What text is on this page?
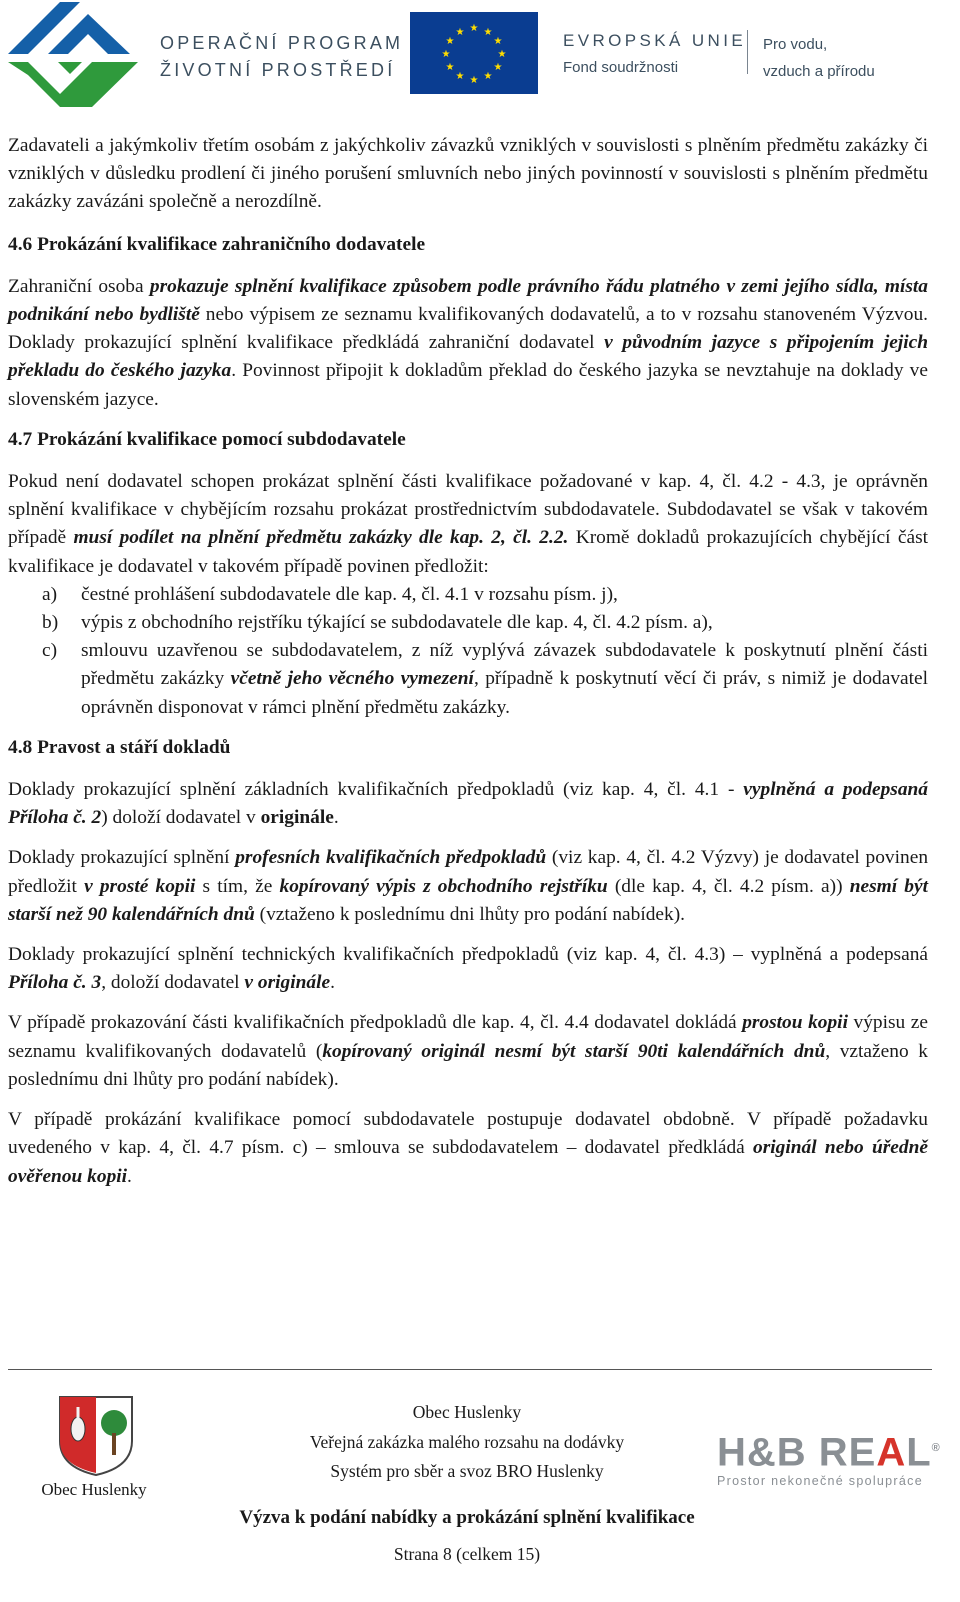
OPERAČNÍ PROGRAM
ŽIVOTNÍ PROSTŘEDÍ
★ ★
★
★
★
★
★
★
★
★
★
★	EVROPSKÁ UNIE
Fond soudržnosti
Pro vodu,
vzduch a přírodu

Zadavateli a jakýmkoliv třetím osobám z jakýchkoliv závazků vzniklých v souvislosti s plněním předmětu zakázky či vzniklých v důsledku prodlení či jiného porušení smluvních nebo jiných povinností v souvislosti s plněním předmětu zakázky zavázáni společně a nerozdílně.

4.6 Prokázání kvalifikace zahraničního dodavatele

Zahraniční osoba prokazuje splnění kvalifikace způsobem podle právního řádu platného v zemi jejího sídla, místa podnikání nebo bydliště nebo výpisem ze seznamu kvalifikovaných dodavatelů, a to v rozsahu stanoveném Výzvou. Doklady prokazující splnění kvalifikace předkládá zahraniční dodavatel v původním jazyce s připojením jejich překladu do českého jazyka. Povinnost připojit k dokladům překlad do českého jazyka se nevztahuje na doklady ve slovenském jazyce.

4.7 Prokázání kvalifikace pomocí subdodavatele

Pokud není dodavatel schopen prokázat splnění části kvalifikace požadované v kap. 4, čl. 4.2 - 4.3, je oprávněn splnění kvalifikace v chybějícím rozsahu prokázat prostřednictvím subdodavatele. Subdodavatel se však v takovém případě musí podílet na plnění předmětu zakázky dle kap. 2, čl. 2.2. Kromě dokladů prokazujících chybějící část kvalifikace je dodavatel v takovém případě povinen předložit:

a) čestné prohlášení subdodavatele dle kap. 4, čl. 4.1 v rozsahu písm. j),
b) výpis z obchodního rejstříku týkající se subdodavatele dle kap. 4, čl. 4.2 písm. a),
c) smlouvu uzavřenou se subdodavatelem, z níž vyplývá závazek subdodavatele k poskytnutí plnění části předmětu zakázky včetně jeho věcného vymezení, případně k poskytnutí věcí či práv, s nimiž je dodavatel oprávněn disponovat v rámci plnění předmětu zakázky.
4.8 Pravost a stáří dokladů

Doklady prokazující splnění základních kvalifikačních předpokladů (viz kap. 4, čl. 4.1 - vyplněná a podepsaná Příloha č. 2) doloží dodavatel v originále.

Doklady prokazující splnění profesních kvalifikačních předpokladů (viz kap. 4, čl. 4.2 Výzvy) je dodavatel povinen předložit v prosté kopii s tím, že kopírovaný výpis z obchodního rejstříku (dle kap. 4, čl. 4.2 písm. a)) nesmí být starší než 90 kalendářních dnů (vztaženo k poslednímu dni lhůty pro podání nabídek).

Doklady prokazující splnění technických kvalifikačních předpokladů (viz kap. 4, čl. 4.3) – vyplněná a podepsaná Příloha č. 3, doloží dodavatel v originále.

V případě prokazování části kvalifikačních předpokladů dle kap. 4, čl. 4.4 dodavatel dokládá prostou kopii výpisu ze seznamu kvalifikovaných dodavatelů (kopírovaný originál nesmí být starší 90ti kalendářních dnů, vztaženo k poslednímu dni lhůty pro podání nabídek).

V případě prokázání kvalifikace pomocí subdodavatele postupuje dodavatel obdobně. V případě požadavku uvedeného v kap. 4, čl. 4.7 písm. c) – smlouva se subdodavatelem – dodavatel předkládá originál nebo úředně ověřenou kopii.

Obec Huslenky
Obec Huslenky
Veřejná zakázka malého rozsahu na dodávky
Systém pro sběr a svoz BRO Huslenky
Výzva k podání nabídky a prokázání splnění kvalifikace
Strana 8 (celkem 15)
H&B REAL®
Prostor nekonečné spolupráce
